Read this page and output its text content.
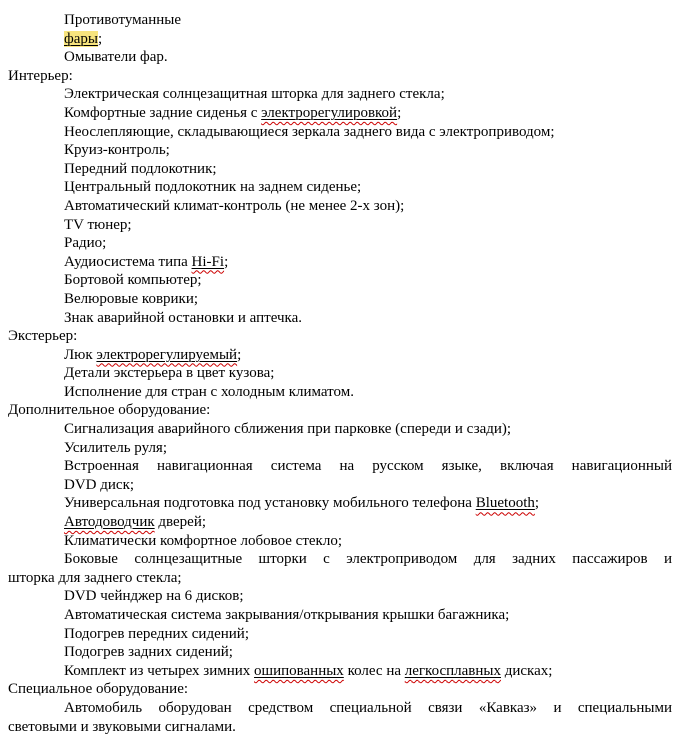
Противотуманные
фары;
Омыватели фар.
Интерьер:
Электрическая солнцезащитная шторка для заднего стекла;
Комфортные задние сиденья с электрорегулировкой;
Неослепляющие, складывающиеся зеркала заднего вида с электроприводом;
Круиз-контроль;
Передний подлокотник;
Центральный подлокотник на заднем сиденье;
Автоматический климат-контроль (не менее 2-х зон);
TV тюнер;
Радио;
Аудиосистема типа Hi-Fi;
Бортовой компьютер;
Велюровые коврики;
Знак аварийной остановки и аптечка.
Экстерьер:
Люк электрорегулируемый;
Детали экстерьера в цвет кузова;
Исполнение для стран с холодным климатом.
Дополнительное оборудование:
Сигнализация аварийного сближения при парковке (спереди и сзади);
Усилитель руля;
Встроенная навигационная система на русском языке, включая навигационный
DVD диск;
Универсальная подготовка под установку мобильного телефона Bluetooth;
Автодоводчик дверей;
Климатически комфортное лобовое стекло;
Боковые солнцезащитные шторки с электроприводом для задних пассажиров и
шторка для заднего стекла;
DVD чейнджер на 6 дисков;
Автоматическая система закрывания/открывания крышки багажника;
Подогрев передних сидений;
Подогрев задних сидений;
Комплект из четырех зимних ошипованных колес на легкосплавных дисках;
Специальное оборудование:
Автомобиль оборудован средством специальной связи «Кавказ» и специальными
световыми и звуковыми сигналами.
